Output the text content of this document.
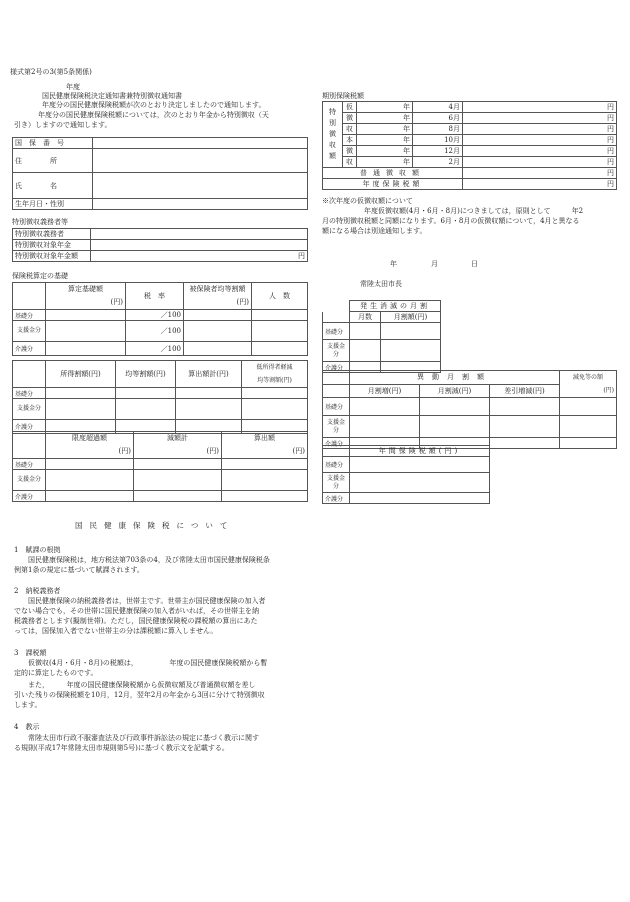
様式第2号の3(第5条関係)
年度
国民健康保険税決定通知書兼特別徴収通知書
年度分の国民健康保険税額が次のとおり決定しましたので通知します。
年度分の国民健康保険税額については，次のとおり年金から特別徴収（天
引き）しますので通知します。
国　保　番　号	
住　　　　所	
氏　　　　名	
生年月日・性別	
特別徴収義務者等
特別徴収義務者	
特別徴収対象年金	
特別徴収対象年金額	円
保険税算定の基礎
	算定基礎額

(円)	税　率	被保険者均等割額

(円)	人　数
基礎分		／100		
支援金分		／100		
介護分		／100		
	所得割額(円)	均等割額(円)	算出額計(円)	低所得者軽減
均等割額(円)
基礎分				
支援金分				
介護分				
	限度超過額

(円)	減額計

(円)	算出額

(円)

基礎分			
支援金分			
介護分			
期別保険税額
特
別
徴
収
額	仮	年	4月	円
	徴	年	6月	円
	収	年	8月	円
	本	年	10月	円
	徴	年	12月	円
	収	年	2月	円
普通徴収額				円
年度保険税額				円
※次年度の仮徴収額について
年度仮徴収額(4月・6月・8月)につきましては，原則として　　　年2
月の特別徴収税額と同額になります。6月・8月の仮徴収額について，4月と異なる
額になる場合は別途通知します。
年	月	日
常陸太田市長
	発生消滅の月割		
	月数	月割額(円)	
基礎分			
支援金分			
介護分			
	異動月割額			減免等の額

(円)

	月割増(円)	月割減(円)	差引増減(円)	
基礎分				
支援金分				
介護分				
	年間保険税額(円)	
基礎分		
支援金分		
介護分		
国民健康保険税について
1　賦課の根拠
国民健康保険税は，地方税法第703条の4，及び常陸太田市国民健康保険税条
例第1条の規定に基づいて賦課されます。
2　納税義務者
国民健康保険の納税義務者は，世帯主です。世帯主が国民健康保険の加入者
でない場合でも，その世帯に国民健康保険の加入者がいれば，その世帯主を納
税義務者とします(擬制世帯)。ただし，国民健康保険税の課税額の算出にあた
っては，国保加入者でない世帯主の分は課税額に算入しません。
3　課税額
仮徴収(4月・6月・8月)の税額は，　　　　　年度の国民健康保険税額から暫
定的に算定したものです。
また，　　　年度の国民健康保険税額から仮徴収額及び普通徴収額を差し
引いた残りの保険税額を10月，12月，翌年2月の年金から3回に分けて特別徴収
します。
4　教示
常陸太田市行政不服審査法及び行政事件訴訟法の規定に基づく教示に関す
る規則(平成17年常陸太田市規則第5号)に基づく教示文を記載する。
